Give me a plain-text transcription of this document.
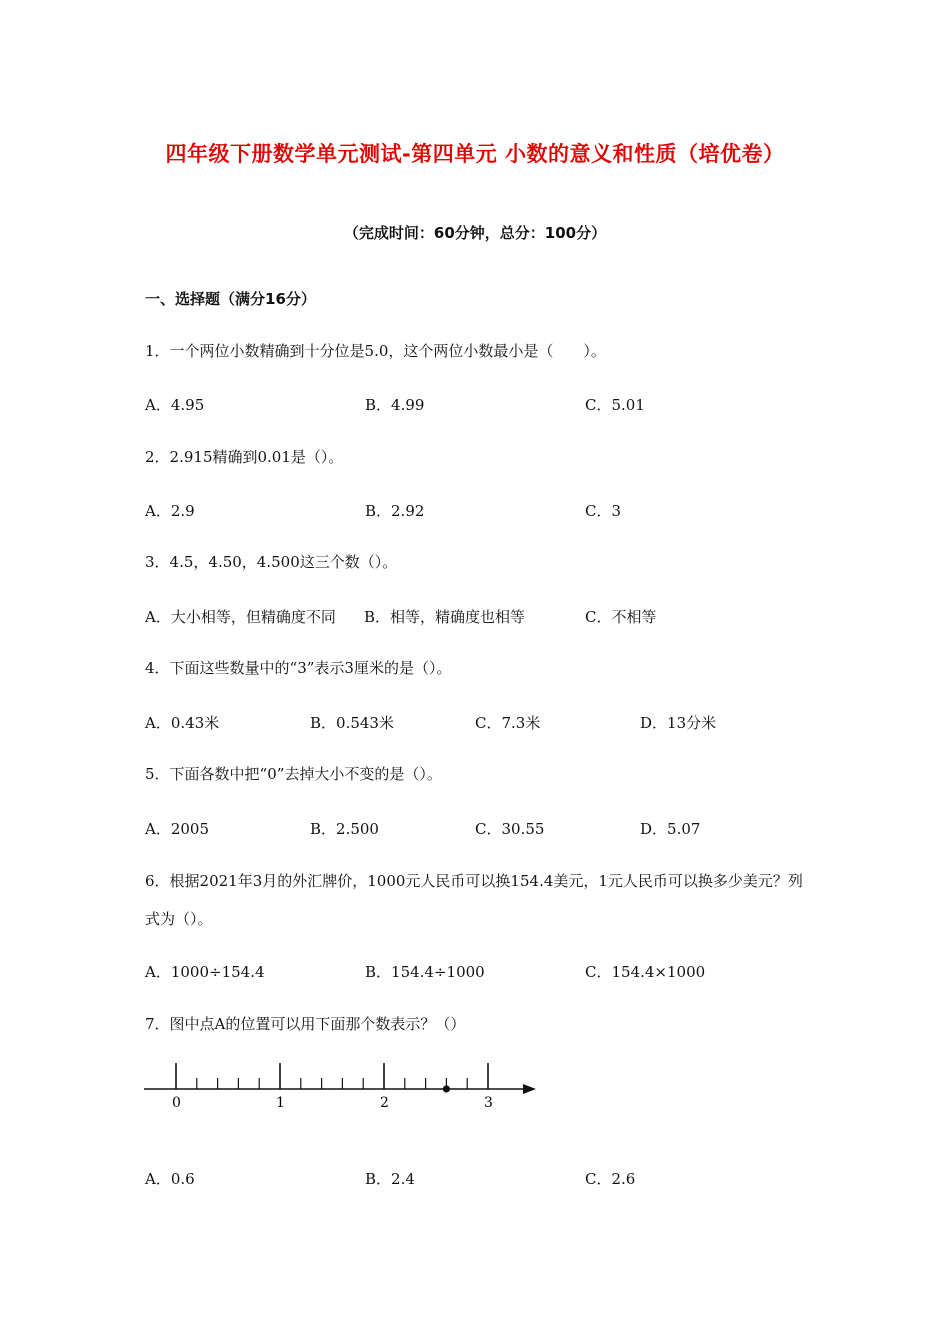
四年级下册数学单元测试-第四单元 小数的意义和性质（培优卷）
（完成时间：60分钟，总分：100分）
一、选择题（满分16分）
1．一个两位小数精确到十分位是5.0，这个两位小数最小是（　　）。
A．4.95	B．4.99	C．5.01
2．2.915精确到0.01是（）。
A．2.9	B．2.92	C．3
3．4.5，4.50，4.500这三个数（）。
A．大小相等，但精确度不同 B．相等，精确度也相等	C．不相等
4．下面这些数量中的“3”表示3厘米的是（）。
A．0.43米	B．0.543米	C．7.3米	D．13分米
5．下面各数中把“0”去掉大小不变的是（）。
A．2005	B．2.500	C．30.55	D．5.07
6．根据2021年3月的外汇牌价，1000元人民币可以换154.4美元，1元人民币可以换多少美元？列式为（）。
A．1000÷154.4	B．154.4÷1000	C．154.4×1000
7．图中点A的位置可以用下面那个数表示？（）
0	1	2	3
A．0.6	B．2.4	C．2.6
